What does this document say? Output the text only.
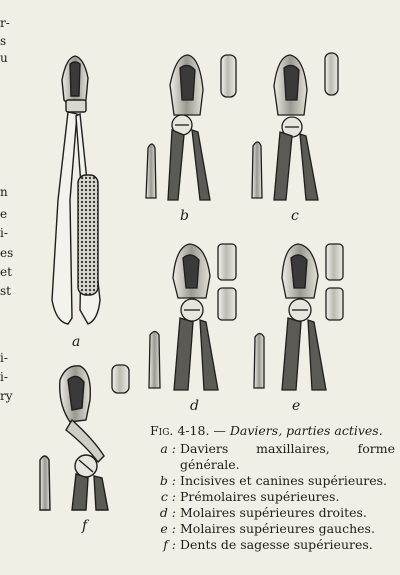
r-
s
u
n
e
i-
es
et
st
i-
i-
ry
a
b	c
d	e
f
Fig. 4-18. — Daviers, parties actives.
a : Daviers maxillaires, forme générale.
b : Incisives et canines supérieures.
c : Prémolaires supérieures.
d : Molaires supérieures droites.
e : Molaires supérieures gauches.
f : Dents de sagesse supérieures.
